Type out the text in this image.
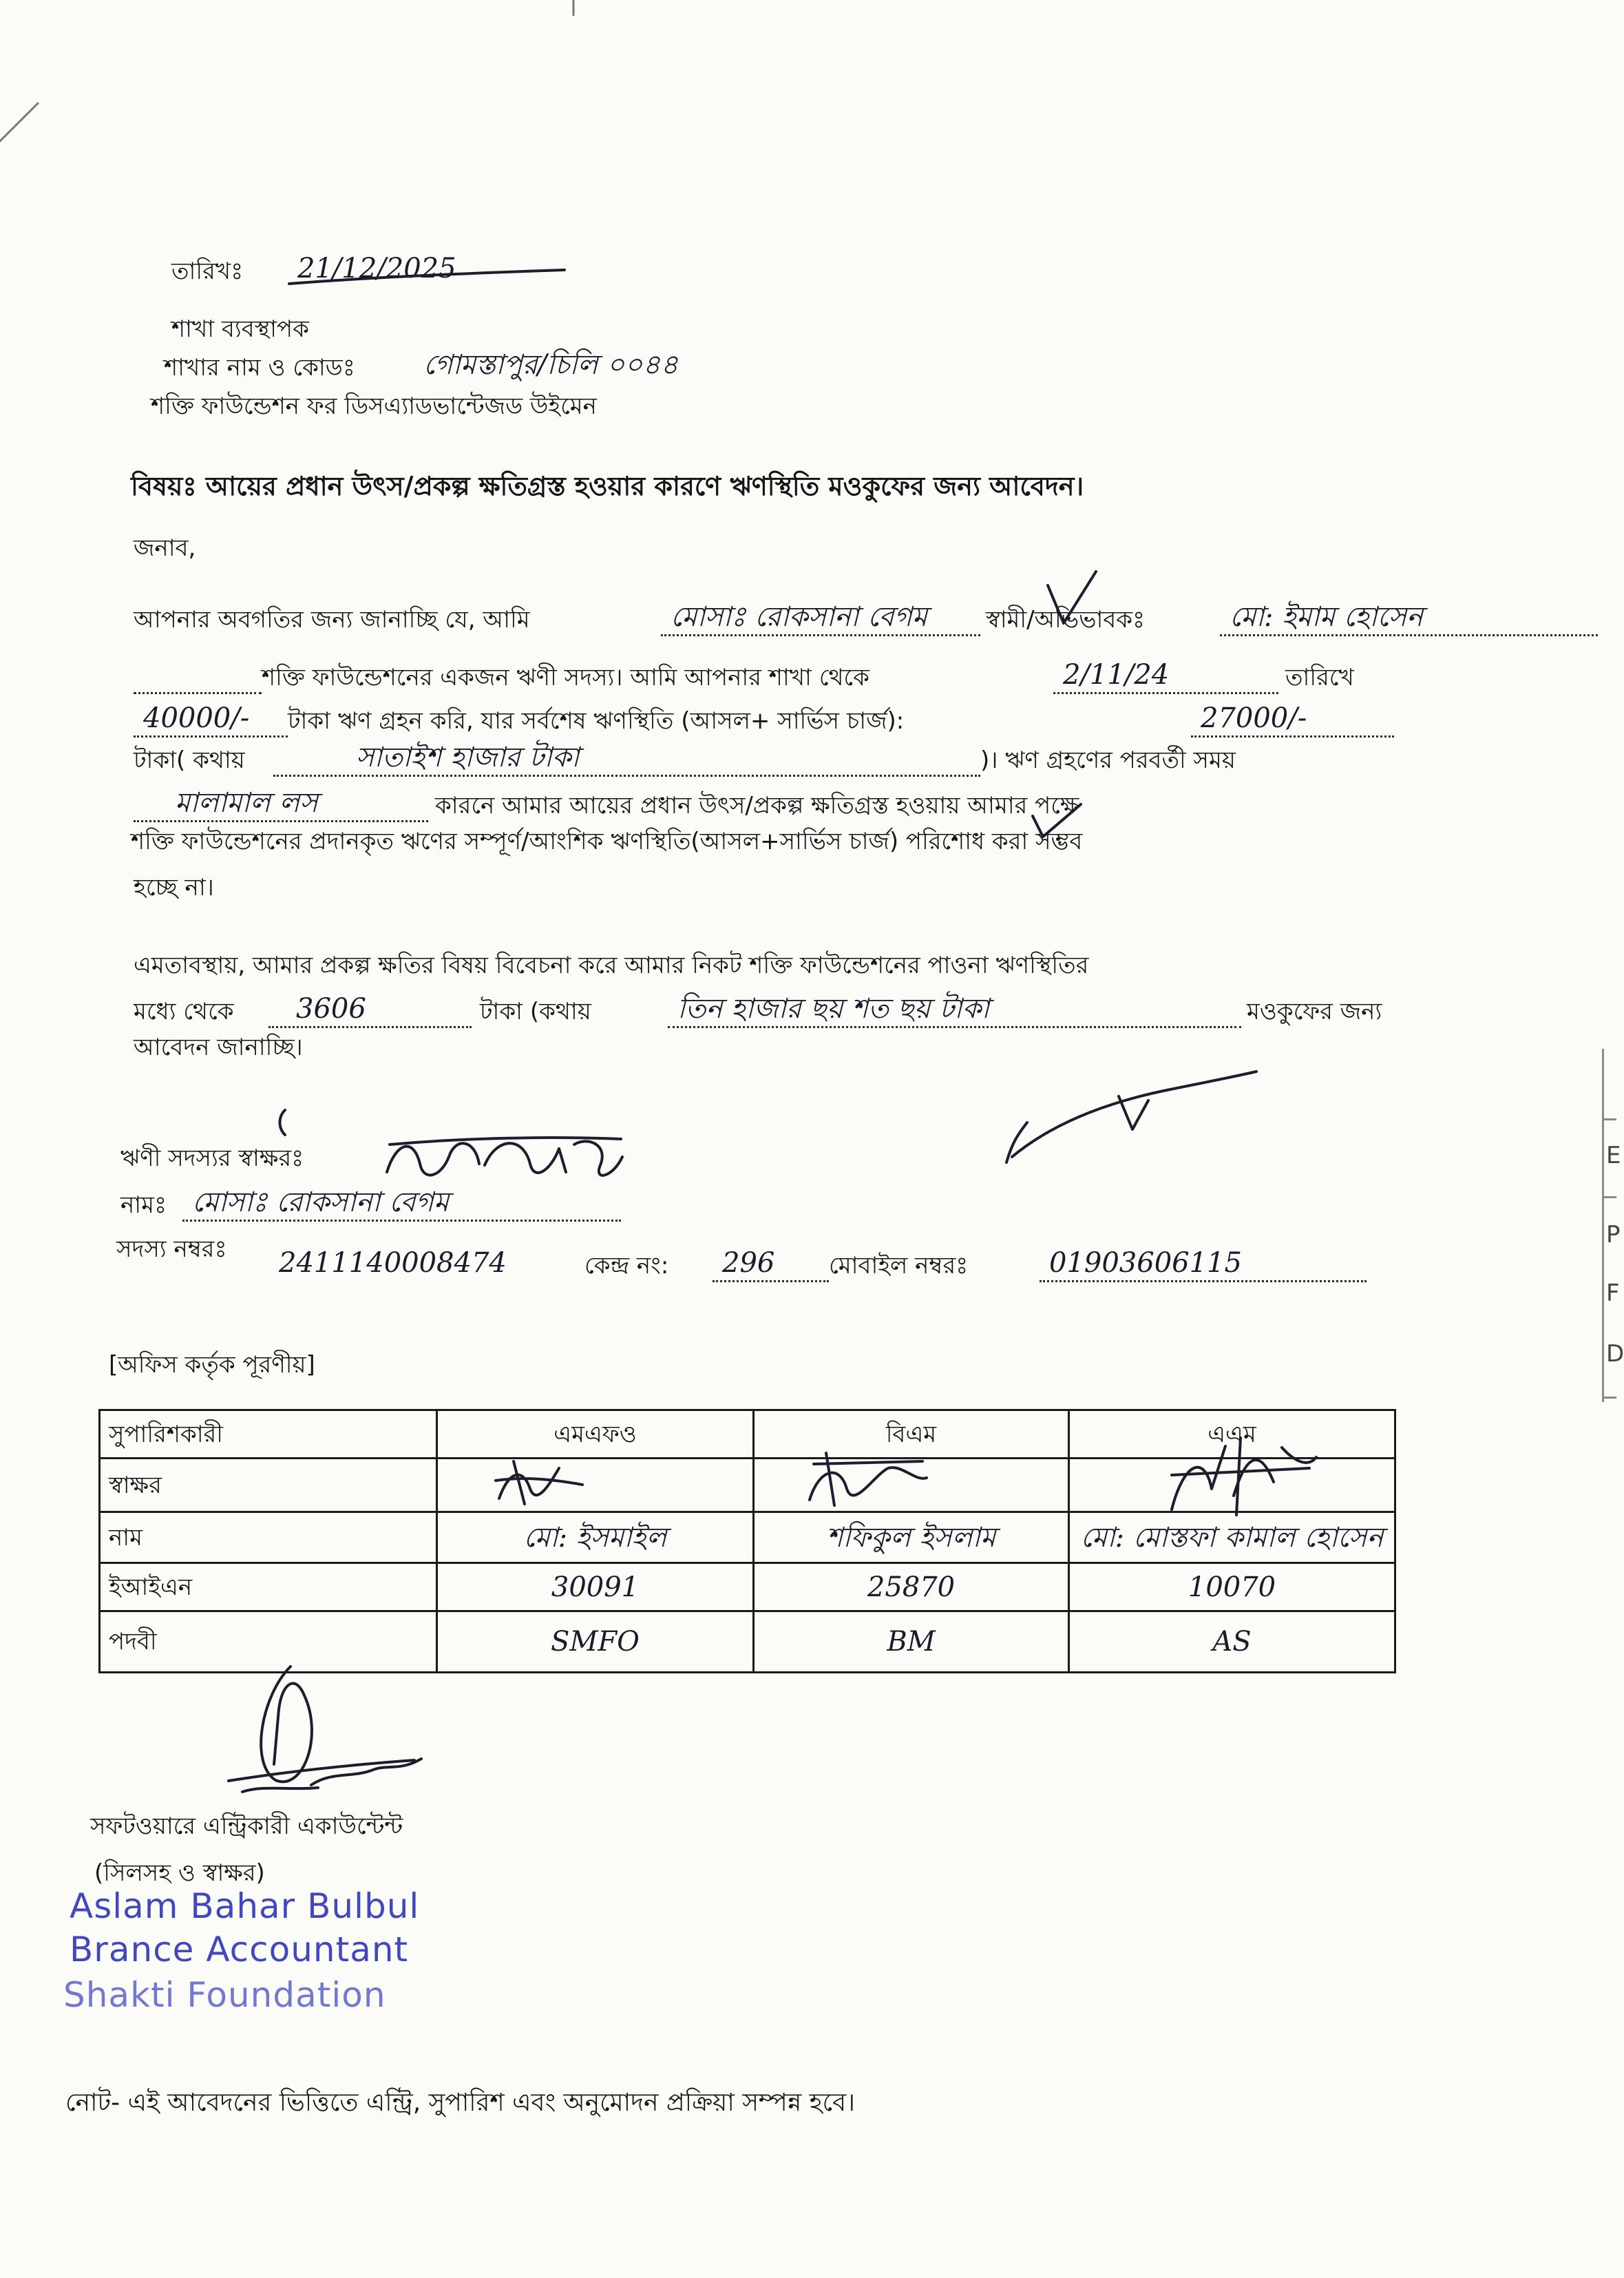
তারিখঃ	21/12/2025
শাখা ব্যবস্থাপক
শাখার নাম ও কোডঃ	গোমস্তাপুর/চিলি ০০৪৪
শক্তি ফাউন্ডেশন ফর ডিসএ্যাডভান্টেজড উইমেন
বিষয়ঃ আয়ের প্রধান উৎস/প্রকল্প ক্ষতিগ্রস্ত হওয়ার কারণে ঋণস্থিতি মওকুফের জন্য আবেদন।
জনাব,
আপনার অবগতির জন্য জানাচ্ছি যে, আমি	মোসাঃ রোকসানা বেগম	স্বামী/অভিভাবকঃ	মো: ইমাম হোসেন
শক্তি ফাউন্ডেশনের একজন ঋণী সদস্য। আমি আপনার শাখা থেকে	2/11/24	তারিখে
40000/-	টাকা ঋণ গ্রহন করি, যার সর্বশেষ ঋণস্থিতি (আসল+ সার্ভিস চার্জ):	27000/-
টাকা( কথায়	সাতাইশ হাজার টাকা	)। ঋণ গ্রহণের পরবর্তী সময়
মালামাল লস	কারনে আমার আয়ের প্রধান উৎস/প্রকল্প ক্ষতিগ্রস্ত হওয়ায় আমার পক্ষে
শক্তি ফাউন্ডেশনের প্রদানকৃত ঋণের সম্পূর্ণ/আংশিক ঋণস্থিতি(আসল+সার্ভিস চার্জ) পরিশোধ করা সম্ভব
হচ্ছে না।
এমতাবস্থায়, আমার প্রকল্প ক্ষতির বিষয় বিবেচনা করে আমার নিকট শক্তি ফাউন্ডেশনের পাওনা ঋণস্থিতির
মধ্যে থেকে	3606	টাকা (কথায়	তিন হাজার ছয় শত ছয় টাকা	মওকুফের জন্য
আবেদন জানাচ্ছি।
ঋণী সদস্যর স্বাক্ষরঃ
নামঃ মোসাঃ রোকসানা বেগম
সদস্য নম্বরঃ	2411140008474	কেন্দ্র নং:	296	মোবাইল নম্বরঃ	01903606115
[অফিস কর্তৃক পূরণীয়]
সুপারিশকারী	এমএফও	বিএম	এএম
স্বাক্ষর			
নাম	মো: ইসমাইল	শফিকুল ইসলাম	মো: মোস্তফা কামাল হোসেন
ইআইএন	30091	25870	10070
পদবী	SMFO	BM	AS
সফটওয়ারে এন্ট্রিকারী একাউন্টেন্ট
(সিলসহ ও স্বাক্ষর)
Aslam Bahar Bulbul
Brance Accountant
Shakti Foundation
নোট- এই আবেদনের ভিত্তিতে এন্ট্রি, সুপারিশ এবং অনুমোদন প্রক্রিয়া সম্পন্ন হবে।
E
P
F
D
